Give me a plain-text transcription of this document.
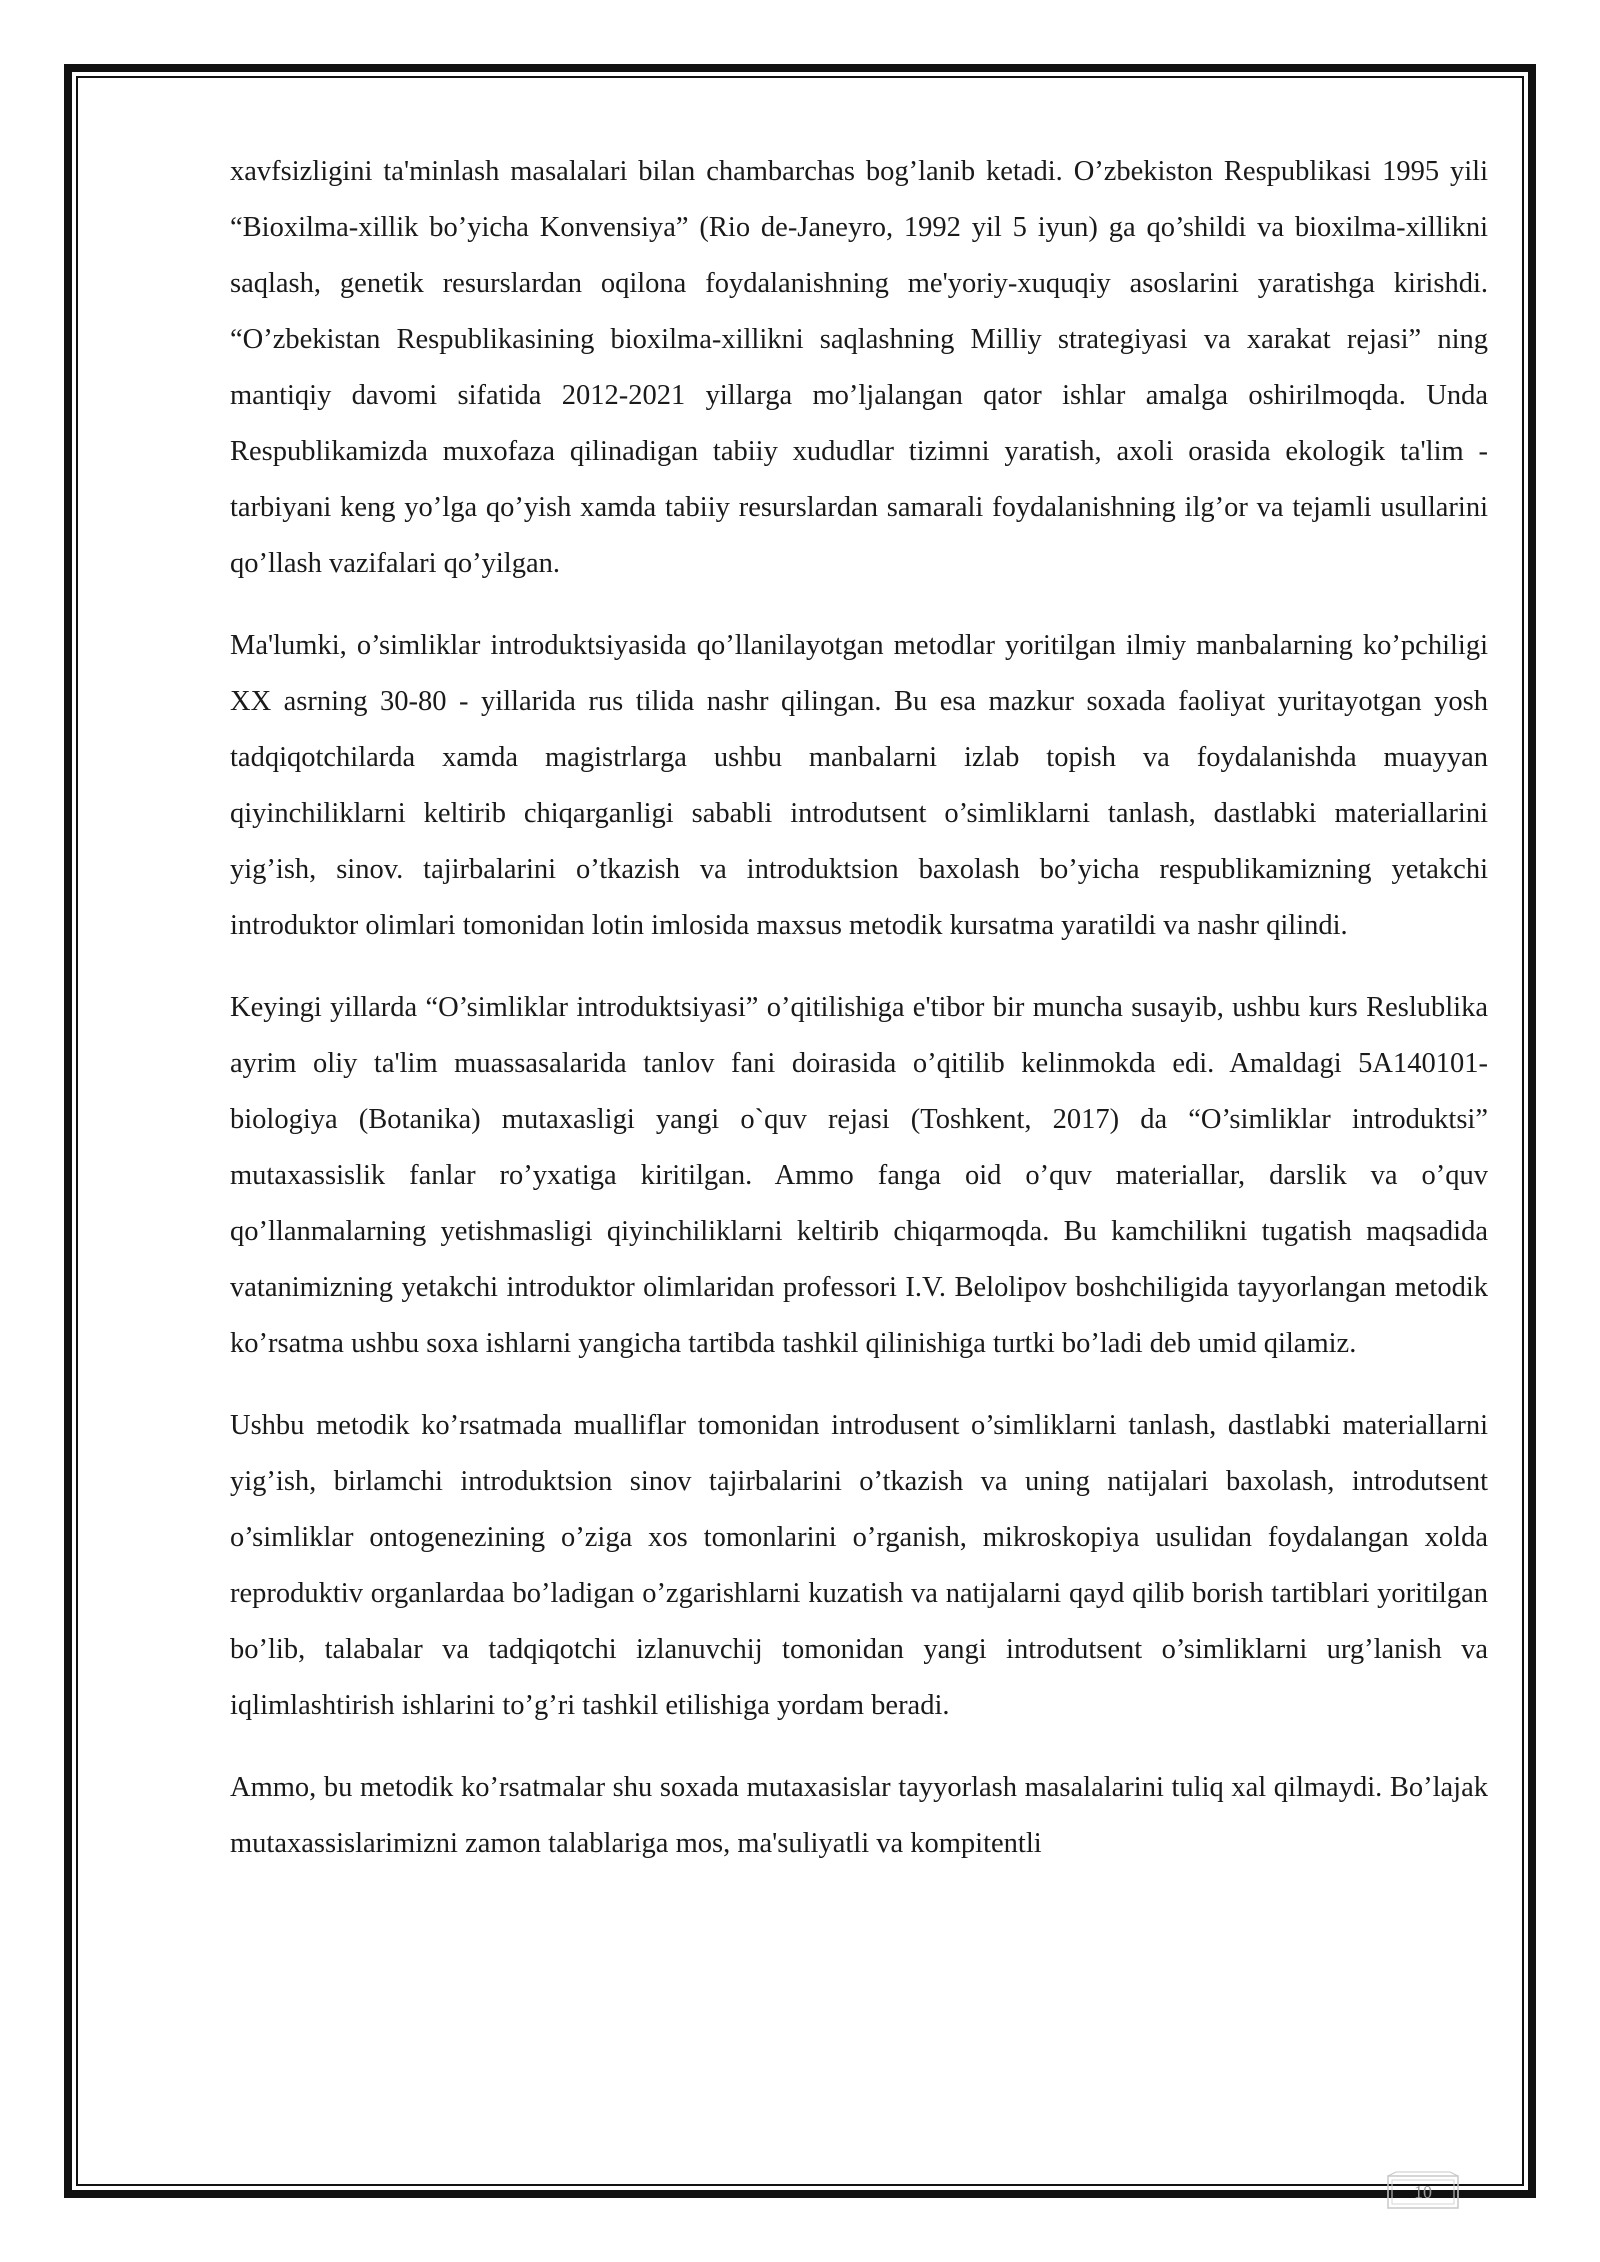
xavfsizligini ta'minlash masalalari bilan chambarchas bog’lanib ketadi. O’zbekiston Respublikasi 1995 yili “Bioxilma-xillik bo’yicha Konvensiya” (Rio de-Janeyro, 1992 yil 5 iyun) ga qo’shildi va bioxilma-xillikni saqlash, genetik resurslardan oqilona foydalanishning me'yoriy-xuquqiy asoslarini yaratishga kirishdi. “O’zbekistan Respublikasining bioxilma-xillikni saqlashning Milliy strategiyasi va xarakat rejasi” ning mantiqiy davomi sifatida 2012-2021 yillarga mo’ljalangan qator ishlar amalga oshirilmoqda. Unda Respublikamizda muxofaza qilinadigan tabiiy xududlar tizimni yaratish, axoli orasida ekologik ta'lim - tarbiyani keng yo’lga qo’yish xamda tabiiy resurslardan samarali foydalanishning ilg’or va tejamli usullarini qo’llash vazifalari qo’yilgan.

Ma'lumki, o’simliklar introduktsiyasida qo’llanilayotgan metodlar yoritilgan ilmiy manbalarning ko’pchiligi XX asrning 30-80 - yillarida rus tilida nashr qilingan. Bu esa mazkur soxada faoliyat yuritayotgan yosh tadqiqotchilarda xamda magistrlarga ushbu manbalarni izlab topish va foydalanishda muayyan qiyinchiliklarni keltirib chiqarganligi sababli introdutsent o’simliklarni tanlash, dastlabki materiallarini yig’ish, sinov. tajirbalarini o’tkazish va introduktsion baxolash bo’yicha respublikamizning yetakchi introduktor olimlari tomonidan lotin imlosida maxsus metodik kursatma yaratildi va nashr qilindi.

Keyingi yillarda “O’simliklar introduktsiyasi” o’qitilishiga e'tibor bir muncha susayib, ushbu kurs Reslublika ayrim oliy ta'lim muassasalarida tanlov fani doirasida o’qitilib kelinmokda edi. Amaldagi 5A140101-biologiya (Botanika) mutaxasligi yangi o`quv rejasi (Toshkent, 2017) da “O’simliklar introduktsi” mutaxassislik fanlar ro’yxatiga kiritilgan. Ammo fanga oid o’quv materiallar, darslik va o’quv qo’llanmalarning yetishmasligi qiyinchiliklarni keltirib chiqarmoqda. Bu kamchilikni tugatish maqsadida vatanimizning yetakchi introduktor olimlaridan professori I.V. Belolipov boshchiligida tayyorlangan metodik ko’rsatma ushbu soxa ishlarni yangicha tartibda tashkil qilinishiga turtki bo’ladi deb umid qilamiz.

Ushbu metodik ko’rsatmada mualliflar tomonidan introdusent o’simliklarni tanlash, dastlabki materiallarni yig’ish, birlamchi introduktsion sinov tajirbalarini o’tkazish va uning natijalari baxolash, introdutsent o’simliklar ontogenezining o’ziga xos tomonlarini o’rganish, mikroskopiya usulidan foydalangan xolda reproduktiv organlardaa bo’ladigan o’zgarishlarni kuzatish va natijalarni qayd qilib borish tartiblari yoritilgan bo’lib, talabalar va tadqiqotchi izlanuvchij tomonidan yangi introdutsent o’simliklarni urg’lanish va iqlimlashtirish ishlarini to’g’ri tashkil etilishiga yordam beradi.

Ammo, bu metodik ko’rsatmalar shu soxada mutaxasislar tayyorlash masalalarini tuliq xal qilmaydi. Bo’lajak mutaxassislarimizni zamon talablariga mos, ma'suliyatli va kompitentli

10
